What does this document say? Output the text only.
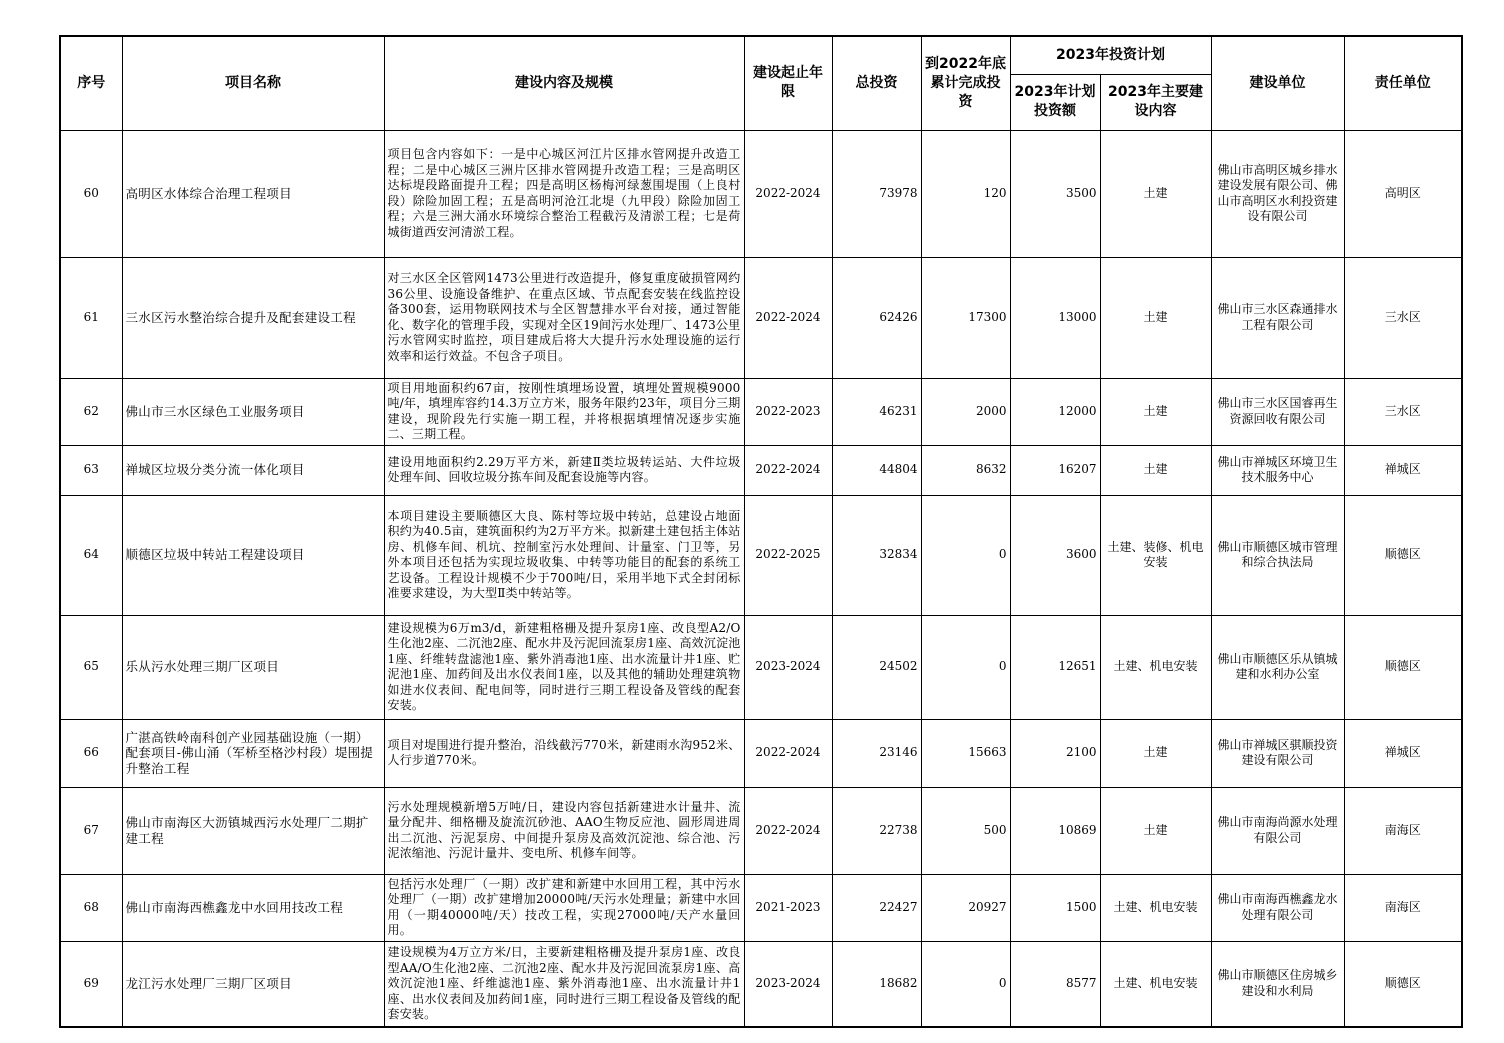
序号	项目名称	建设内容及规模	建设起止年限	总投资	到2022年底累计完成投资	2023年投资计划		建设单位	责任单位
						2023年计划投资额	2023年主要建设内容		
60	高明区水体综合治理工程项目	项目包含内容如下：一是中心城区河江片区排水管网提升改造工程；二是中心城区三洲片区排水管网提升改造工程；三是高明区达标堤段路面提升工程；四是高明区杨梅河绿葱围堤围（上良村段）除险加固工程；五是高明河沧江北堤（九甲段）除险加固工程；六是三洲大涌水环境综合整治工程截污及清淤工程；七是荷城街道西安河清淤工程。	2022-2024	73978	120	3500	土建	佛山市高明区城乡排水建设发展有限公司、佛山市高明区水利投资建设有限公司	高明区
61	三水区污水整治综合提升及配套建设工程	对三水区全区管网1473公里进行改造提升，修复重度破损管网约36公里、设施设备维护、在重点区域、节点配套安装在线监控设备300套，运用物联网技术与全区智慧排水平台对接，通过智能化、数字化的管理手段，实现对全区19间污水处理厂、1473公里污水管网实时监控，项目建成后将大大提升污水处理设施的运行效率和运行效益。不包含子项目。	2022-2024	62426	17300	13000	土建	佛山市三水区森通排水工程有限公司	三水区
62	佛山市三水区绿色工业服务项目	项目用地面积约67亩，按刚性填埋场设置，填埋处置规模9000吨/年，填埋库容约14.3万立方米，服务年限约23年，项目分三期建设，现阶段先行实施一期工程，并将根据填埋情况逐步实施二、三期工程。	2022-2023	46231	2000	12000	土建	佛山市三水区国睿再生资源回收有限公司	三水区
63	禅城区垃圾分类分流一体化项目	建设用地面积约2.29万平方米，新建Ⅱ类垃圾转运站、大件垃圾处理车间、回收垃圾分拣车间及配套设施等内容。	2022-2024	44804	8632	16207	土建	佛山市禅城区环境卫生技术服务中心	禅城区
64	顺德区垃圾中转站工程建设项目	本项目建设主要顺德区大良、陈村等垃圾中转站，总建设占地面积约为40.5亩，建筑面积约为2万平方米。拟新建土建包括主体站房、机修车间、机坑、控制室污水处理间、计量室、门卫等，另外本项目还包括为实现垃圾收集、中转等功能目的配套的系统工艺设备。工程设计规模不少于700吨/日，采用半地下式全封闭标准要求建设，为大型Ⅱ类中转站等。	2022-2025	32834	0	3600	土建、装修、机电安装	佛山市顺德区城市管理和综合执法局	顺德区
65	乐从污水处理三期厂区项目	建设规模为6万m3/d，新建粗格栅及提升泵房1座、改良型A2/O生化池2座、二沉池2座、配水井及污泥回流泵房1座、高效沉淀池1座、纤维转盘滤池1座、紫外消毒池1座、出水流量计井1座、贮泥池1座、加药间及出水仪表间1座，以及其他的辅助处理建筑物如进水仪表间、配电间等，同时进行三期工程设备及管线的配套安装。	2023-2024	24502	0	12651	土建、机电安装	佛山市顺德区乐从镇城建和水利办公室	顺德区
66	广湛高铁岭南科创产业园基础设施（一期）配套项目-佛山涌（军桥至格沙村段）堤围提升整治工程	项目对堤围进行提升整治，沿线截污770米，新建雨水沟952米、人行步道770米。	2022-2024	23146	15663	2100	土建	佛山市禅城区骐顺投资建设有限公司	禅城区
67	佛山市南海区大沥镇城西污水处理厂二期扩建工程	污水处理规模新增5万吨/日，建设内容包括新建进水计量井、流量分配井、细格栅及旋流沉砂池、AAO生物反应池、圆形周进周出二沉池、污泥泵房、中间提升泵房及高效沉淀池、综合池、污泥浓缩池、污泥计量井、变电所、机修车间等。	2022-2024	22738	500	10869	土建	佛山市南海尚源水处理有限公司	南海区
68	佛山市南海西樵鑫龙中水回用技改工程	包括污水处理厂（一期）改扩建和新建中水回用工程，其中污水处理厂（一期）改扩建增加20000吨/天污水处理量；新建中水回用（一期40000吨/天）技改工程，实现27000吨/天产水量回用。	2021-2023	22427	20927	1500	土建、机电安装	佛山市南海西樵鑫龙水处理有限公司	南海区
69	龙江污水处理厂三期厂区项目	建设规模为4万立方米/日，主要新建粗格栅及提升泵房1座、改良型AA/O生化池2座、二沉池2座、配水井及污泥回流泵房1座、高效沉淀池1座、纤维滤池1座、紫外消毒池1座、出水流量计井1座、出水仪表间及加药间1座，同时进行三期工程设备及管线的配套安装。	2023-2024	18682	0	8577	土建、机电安装	佛山市顺德区住房城乡建设和水利局	顺德区
